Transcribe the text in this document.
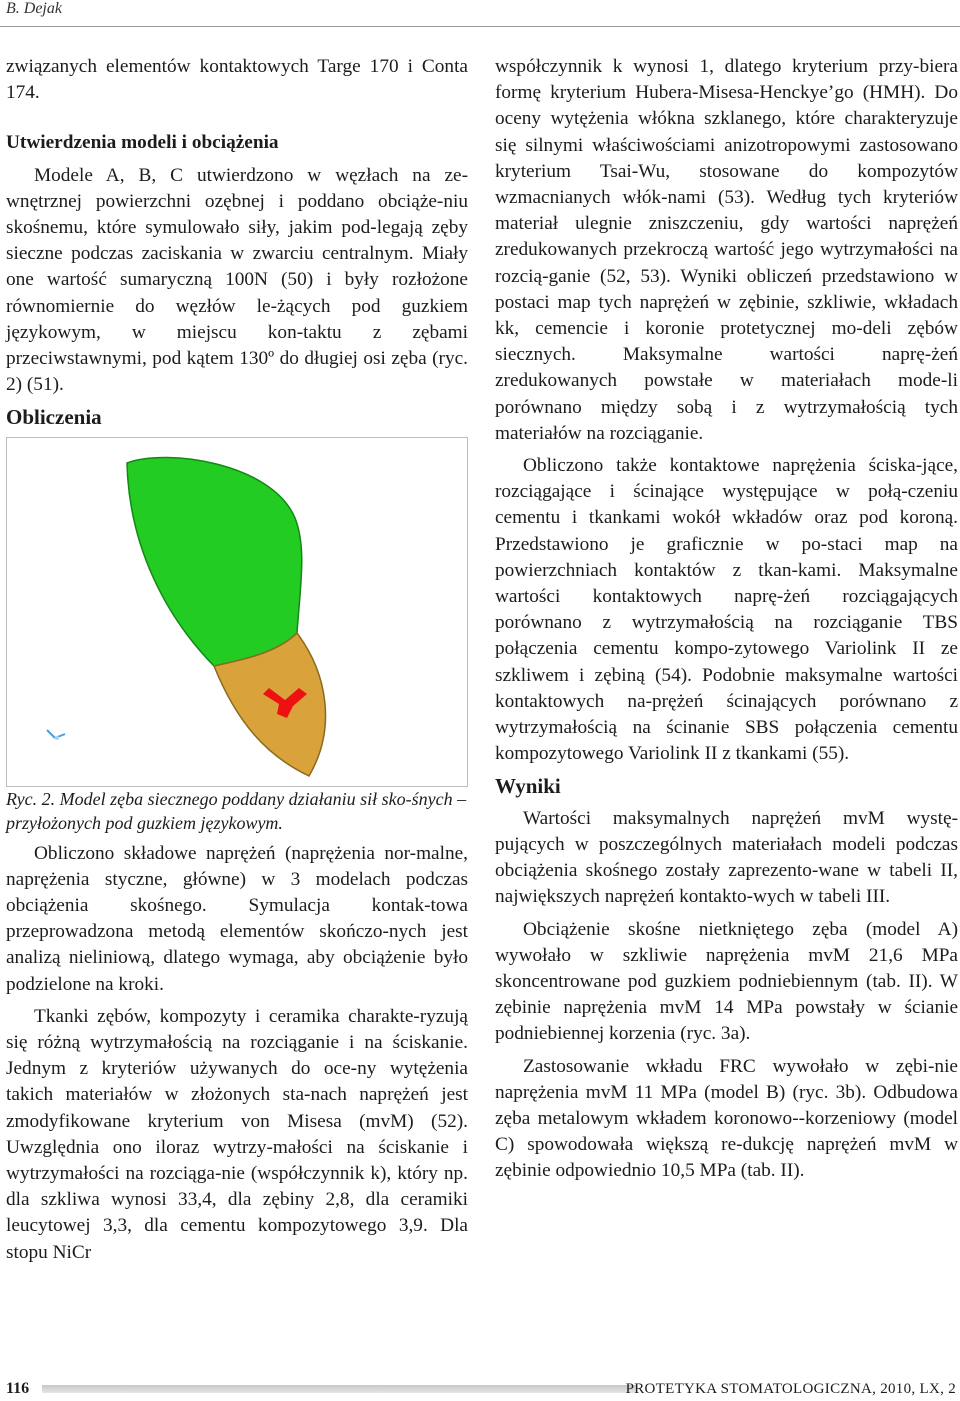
B. Dejak

związanych elementów kontaktowych Targe 170 i Conta 174.

Utwierdzenia modeli i obciążenia

Modele A, B, C utwierdzono w węzłach na ze-wnętrznej powierzchni ozębnej i poddano obciąże-niu skośnemu, które symulowało siły, jakim pod-legają zęby sieczne podczas zaciskania w zwarciu centralnym. Miały one wartość sumaryczną 100N (50) i były rozłożone równomiernie do węzłów le-żących pod guzkiem językowym, w miejscu kon-taktu z zębami przeciwstawnymi, pod kątem 130º do długiej osi zęba (ryc. 2) (51).

Obliczenia

Ryc. 2. Model zęba siecznego poddany działaniu sił sko-śnych –przyłożonych pod guzkiem językowym.

Obliczono składowe naprężeń (naprężenia nor-malne, naprężenia styczne, główne) w 3 modelach podczas obciążenia skośnego. Symulacja kontak-towa przeprowadzona metodą elementów skończo-nych jest analizą nieliniową, dlatego wymaga, aby obciążenie było podzielone na kroki.

Tkanki zębów, kompozyty i ceramika charakte-ryzują się różną wytrzymałością na rozciąganie i na ściskanie. Jednym z kryteriów używanych do oce-ny wytężenia takich materiałów w złożonych sta-nach naprężeń jest zmodyfikowane kryterium von Misesa (mvM) (52). Uwzględnia ono iloraz wytrzy-małości na ściskanie i wytrzymałości na rozciąga-nie (współczynnik k), który np. dla szkliwa wynosi 33,4, dla zębiny 2,8, dla ceramiki leucytowej 3,3, dla cementu kompozytowego 3,9. Dla stopu NiCr

współczynnik k wynosi 1, dlatego kryterium przy-biera formę kryterium Hubera-Misesa-Henckye’go (HMH). Do oceny wytężenia włókna szklanego, które charakteryzuje się silnymi właściwościami anizotropowymi zastosowano kryterium Tsai-Wu, stosowane do kompozytów wzmacnianych włók-nami (53). Według tych kryteriów materiał ulegnie zniszczeniu, gdy wartości naprężeń zredukowanych przekroczą wartość jego wytrzymałości na rozcią-ganie (52, 53). Wyniki obliczeń przedstawiono w postaci map tych naprężeń w zębinie, szkliwie, wkładach kk, cemencie i koronie protetycznej mo-deli zębów siecznych. Maksymalne wartości naprę-żeń zredukowanych powstałe w materiałach mode-li porównano między sobą i z wytrzymałością tych materiałów na rozciąganie.

Obliczono także kontaktowe naprężenia ściska-jące, rozciągające i ścinające występujące w połą-czeniu cementu i tkankami wokół wkładów oraz pod koroną. Przedstawiono je graficznie w po-staci map na powierzchniach kontaktów z tkan-kami. Maksymalne wartości kontaktowych naprę-żeń rozciągających porównano z wytrzymałością na rozciąganie TBS połączenia cementu kompo-zytowego Variolink II ze szkliwem i zębiną (54). Podobnie maksymalne wartości kontaktowych na-prężeń ścinających porównano z wytrzymałością na ścinanie SBS połączenia cementu kompozytowego Variolink II z tkankami (55).

Wyniki

Wartości maksymalnych naprężeń mvM wystę-pujących w poszczególnych materiałach modeli podczas obciążenia skośnego zostały zaprezento-wane w tabeli II, największych naprężeń kontakto-wych w tabeli III.

Obciążenie skośne nietkniętego zęba (model A) wywołało w szkliwie naprężenia mvM 21,6 MPa skoncentrowane pod guzkiem podniebiennym (tab. II). W zębinie naprężenia mvM 14 MPa powstały w ścianie podniebiennej korzenia (ryc. 3a).

Zastosowanie wkładu FRC wywołało w zębi-nie naprężenia mvM 11 MPa (model B) (ryc. 3b). Odbudowa zęba metalowym wkładem koronowo--korzeniowy (model C) spowodowała większą re-dukcję naprężeń mvM w zębinie odpowiednio 10,5 MPa (tab. II).

116	PROTETYKA STOMATOLOGICZNA, 2010, LX, 2
